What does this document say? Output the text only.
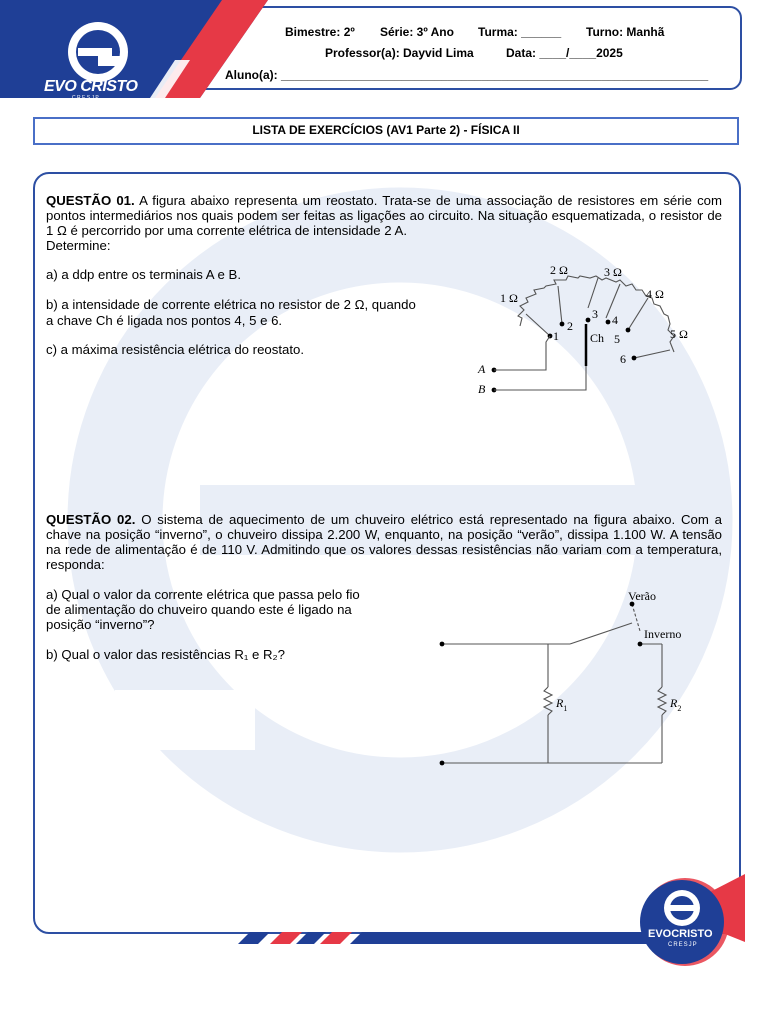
EVO CRISTO
C R E S J P
Bimestre: 2º Série: 3º Ano Turma: ______ Turno: Manhã
Professor(a): Dayvid Lima	Data: ____/____2025
Aluno(a): ________________________________________________________________
LISTA DE EXERCÍCIOS (AV1 Parte 2) - FÍSICA II
QUESTÃO 01. A figura abaixo representa um reostato. Trata-se de uma associação de resistores em série com pontos intermediários nos quais podem ser feitas as ligações ao circuito. Na situação esquematizada, o resistor de 1 Ω é percorrido por uma corrente elétrica de intensidade 2 A.
Determine:
a) a ddp entre os terminais A e B.
b) a intensidade de corrente elétrica no resistor de 2 Ω, quando
a chave Ch é ligada nos pontos 4, 5 e 6.
c) a máxima resistência elétrica do reostato.
1 Ω
2 Ω	3 Ω
4 Ω
5 Ω
1
2
3 4
5
6
Ch
A
B
QUESTÃO 02. O sistema de aquecimento de um chuveiro elétrico está representado na figura abaixo. Com a chave na posição “inverno”, o chuveiro dissipa 2.200 W, enquanto, na posição “verão”, dissipa 1.100 W. A tensão na rede de alimentação é de 110 V. Admitindo que os valores dessas resistências não variam com a temperatura, responda:
a) Qual o valor da corrente elétrica que passa pelo fio
de alimentação do chuveiro quando este é ligado na
posição “inverno”?
b) Qual o valor das resistências R₁ e R₂?
Verão
Inverno
$R_1$	$R_2$
EVOCRISTO
CRESJP
